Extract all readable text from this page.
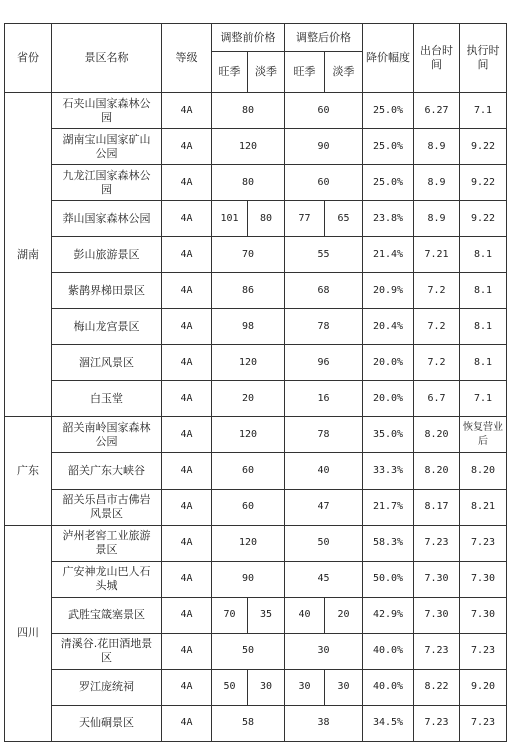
省份	景区名称	等级	调整前价格		调整后价格		降价幅度	出台时间	执行时间
			旺季	淡季	旺季	淡季			
湖南	石夹山国家森林公园	4A	80		60		25.0%	6.27	7.1
	湖南宝山国家矿山公园	4A	120		90		25.0%	8.9	9.22
	九龙江国家森林公园	4A	80		60		25.0%	8.9	9.22
	莽山国家森林公园	4A	101	80	77	65	23.8%	8.9	9.22
	彭山旅游景区	4A	70		55		21.4%	7.21	8.1
	紫鹊界梯田景区	4A	86		68		20.9%	7.2	8.1
	梅山龙宫景区	4A	98		78		20.4%	7.2	8.1
	涸江风景区	4A	120		96		20.0%	7.2	8.1
	白玉堂	4A	20		16		20.0%	6.7	7.1
广东	韶关南岭国家森林公园	4A	120		78		35.0%	8.20	恢复营业后
	韶关广东大峡谷	4A	60		40		33.3%	8.20	8.20
	韶关乐昌市古佛岩风景区	4A	60		47		21.7%	8.17	8.21
四川	泸州老窖工业旅游景区	4A	120		50		58.3%	7.23	7.23
	广安神龙山巴人石头城	4A	90		45		50.0%	7.30	7.30
	武胜宝箴塞景区	4A	70	35	40	20	42.9%	7.30	7.30
	清溪谷.花田酒地景区	4A	50		30		40.0%	7.23	7.23
	罗江庞统祠	4A	50	30	30	30	40.0%	8.22	9.20
	天仙硐景区	4A	58		38		34.5%	7.23	7.23
